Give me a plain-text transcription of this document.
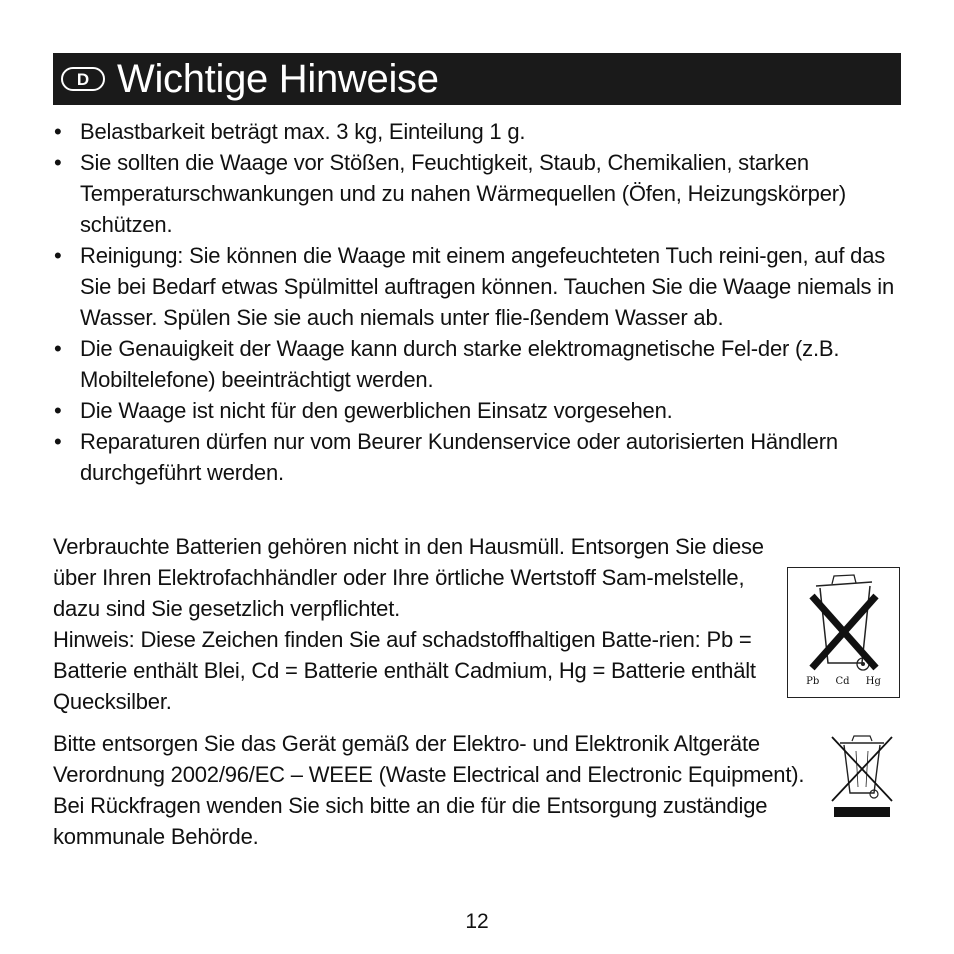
D Wichtige Hinweise
• Belastbarkeit beträgt max. 3 kg, Einteilung 1 g.
• Sie sollten die Waage vor Stößen, Feuchtigkeit, Staub, Chemikalien, starken Temperaturschwankungen und zu nahen Wärmequellen (Öfen, Heizungskörper) schützen.
• Reinigung: Sie können die Waage mit einem angefeuchteten Tuch reini-gen, auf das Sie bei Bedarf etwas Spülmittel auftragen können. Tauchen Sie die Waage niemals in Wasser. Spülen Sie sie auch niemals unter flie-ßendem Wasser ab.
• Die Genauigkeit der Waage kann durch starke elektromagnetische Fel-der (z.B. Mobiltelefone) beeinträchtigt werden.
• Die Waage ist nicht für den gewerblichen Einsatz vorgesehen.
• Reparaturen dürfen nur vom Beurer Kundenservice oder autorisierten Händlern durchgeführt werden.

Verbrauchte Batterien gehören nicht in den Hausmüll. Entsorgen Sie diese

über Ihren Elektrofachhändler oder Ihre örtliche Wertstoff Sam-melstelle, dazu sind Sie gesetzlich verpflichtet.

Hinweis: Diese Zeichen finden Sie auf schadstoffhaltigen Batte-rien: Pb = Batterie enthält Blei, Cd = Batterie enthält Cadmium, Hg = Batterie enthält Quecksilber.

Pb Cd Hg

Bitte entsorgen Sie das Gerät gemäß der Elektro- und Elektronik Altgeräte Verordnung 2002/96/EC – WEEE (Waste Electrical and Electronic Equipment). Bei Rückfragen wenden Sie sich bitte an die für die Entsorgung zuständige kommunale Behörde.

12
